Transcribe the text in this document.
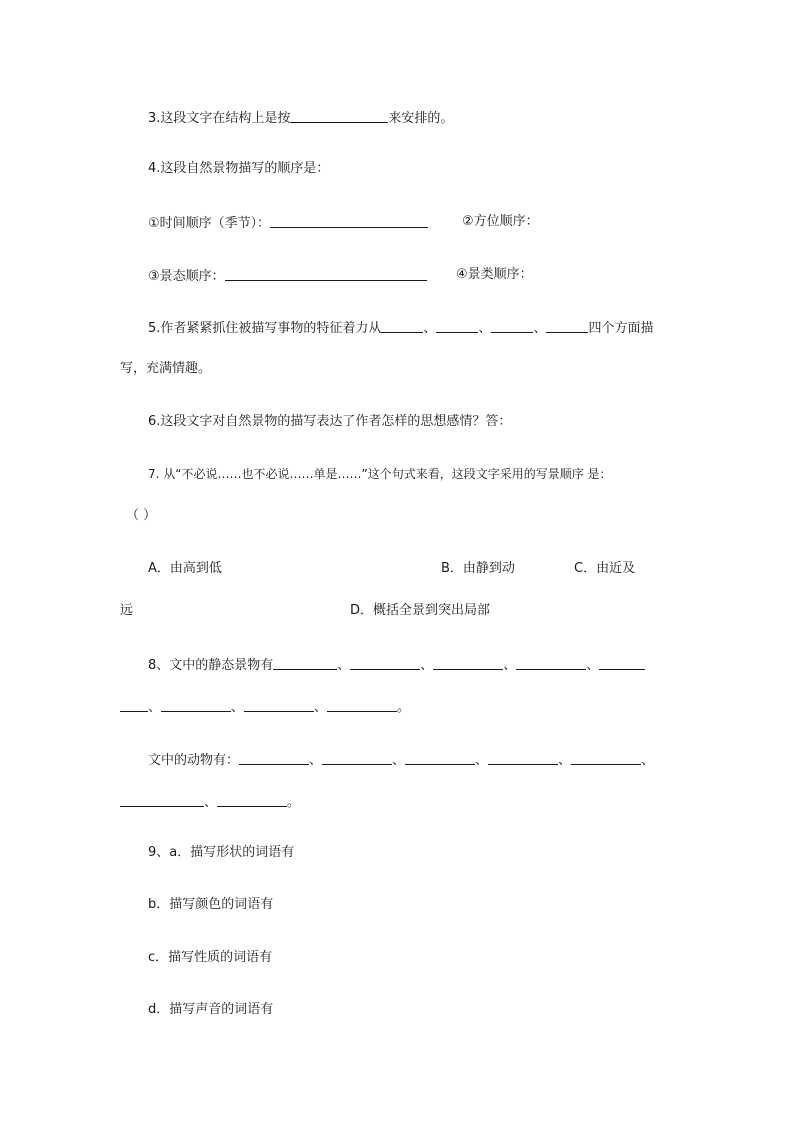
3.这段文字在结构上是按	来安排的。
4.这段自然景物描写的顺序是：
①时间顺序（季节）：	②方位顺序：
③景态顺序：	④景类顺序：
5.作者紧紧抓住被描写事物的特征着力从	、	、	、	四个方面描
写，充满情趣。
6.这段文字对自然景物的描写表达了作者怎样的思想感情？答：
7. 从“不必说……也不必说……单是……”这个句式来看，这段文字采用的写景顺序 是：
（ ）
A．由高到低	B．由静到动	C．由近及
远	D．概括全景到突出局部
8、文中的静态景物有	、	、	、	、
、	、	、	。
文中的动物有：	、	、	、	、	、
、	。
9、a．描写形状的词语有
b．描写颜色的词语有
c．描写性质的词语有
d．描写声音的词语有
